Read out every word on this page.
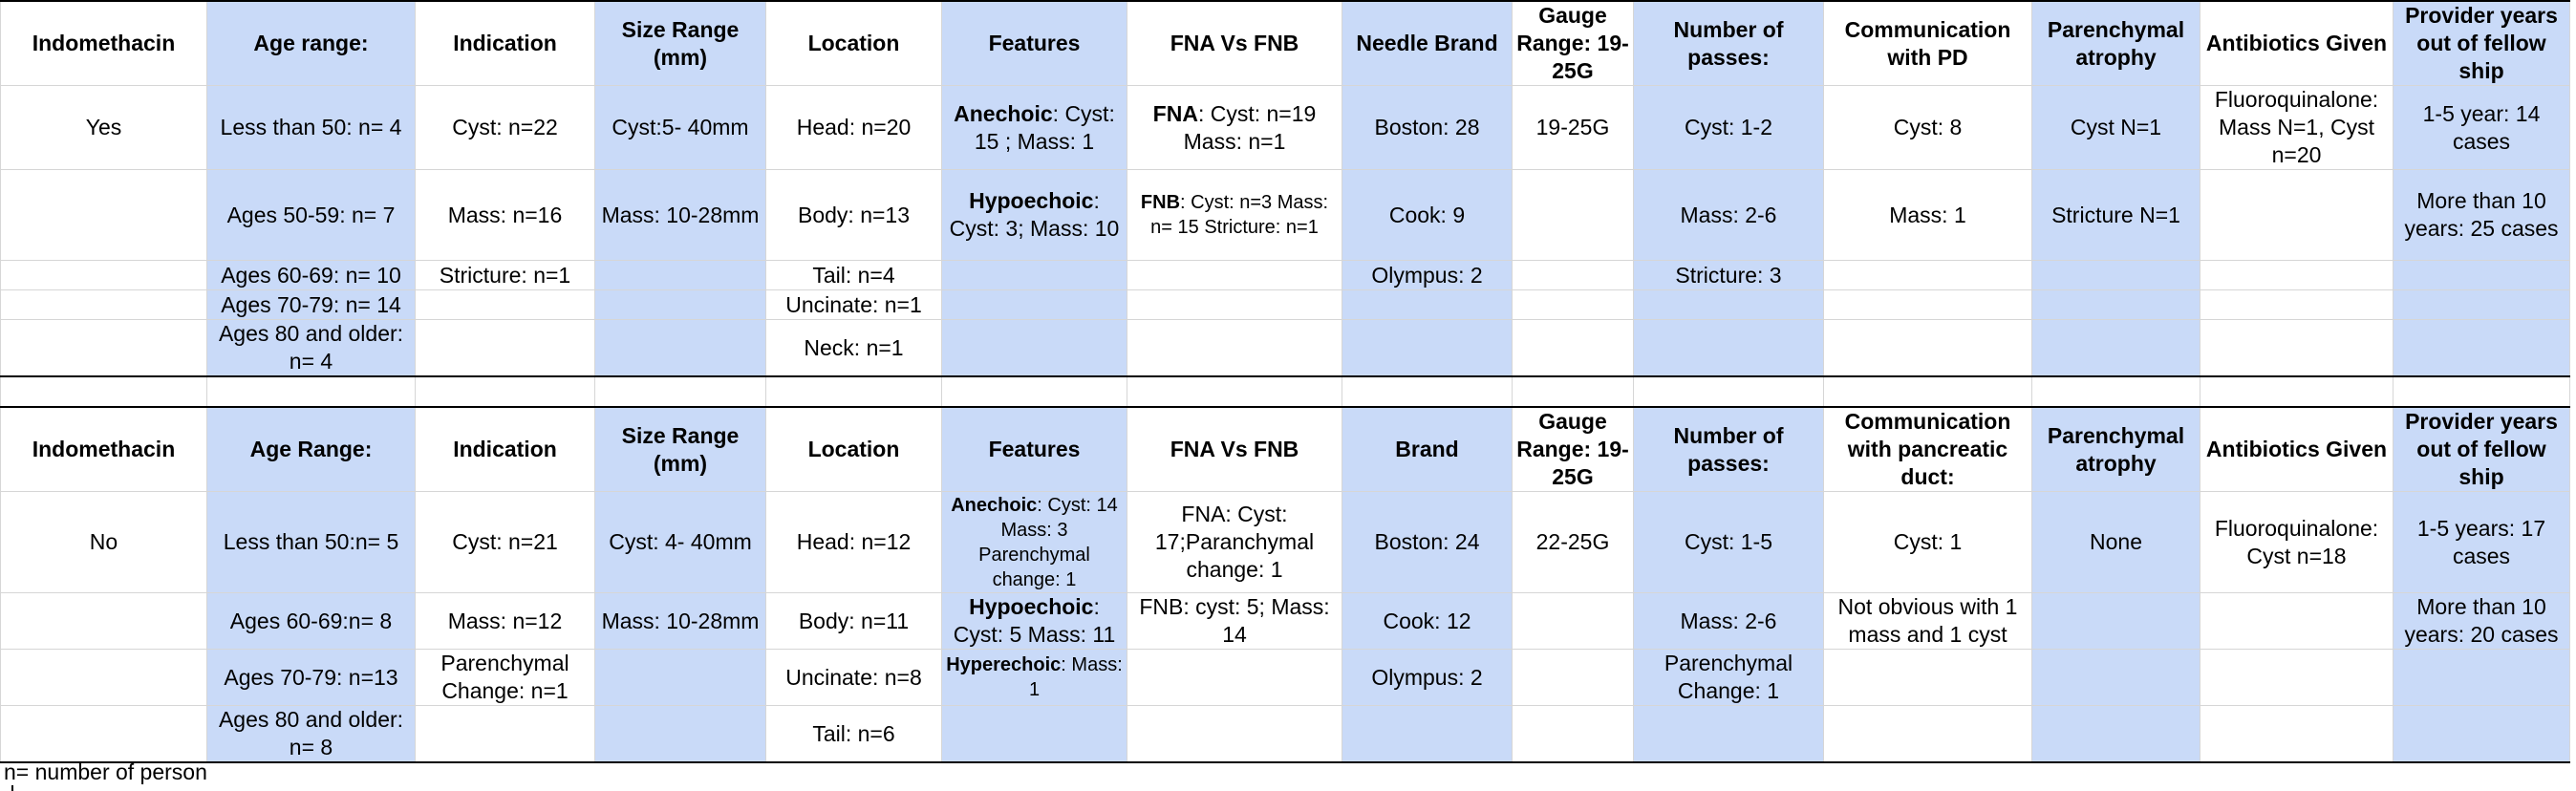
Indomethacin	Age range:	Indication	Size Range (mm)	Location	Features	FNA Vs FNB	Needle Brand	Gauge Range: 19-25G	Number of passes:	Communication with PD	Parenchymal atrophy	Antibiotics Given	Provider years out of fellow ship

Yes	Less than 50: n= 4	Cyst: n=22	Cyst:5- 40mm	Head: n=20	Anechoic: Cyst: 15 ; Mass: 1	FNA: Cyst: n=19 Mass: n=1	Boston: 28	19-25G	Cyst: 1-2	Cyst: 8	Cyst N=1	Fluoroquinalone: Mass N=1, Cyst n=20	1-5 year: 14 cases

	Ages 50-59: n= 7	Mass: n=16	Mass: 10-28mm	Body: n=13	Hypoechoic: Cyst: 3; Mass: 10	FNB: Cyst: n=3 Mass: n= 15 Stricture: n=1	Cook: 9		Mass: 2-6	Mass: 1	Stricture N=1		More than 10 years: 25 cases

	Ages 60-69: n= 10	Stricture: n=1		Tail: n=4			Olympus: 2		Stricture: 3				

	Ages 70-79: n= 14			Uncinate: n=1									

	Ages 80 and older: n= 4			Neck: n=1									

Indomethacin	Age Range:	Indication	Size Range (mm)	Location	Features	FNA Vs FNB	Brand	Gauge Range: 19-25G	Number of passes:	Communication with pancreatic duct:	Parenchymal atrophy	Antibiotics Given	Provider years out of fellow ship

No	Less than 50:n= 5	Cyst: n=21	Cyst: 4- 40mm	Head: n=12	Anechoic: Cyst: 14 Mass: 3 Parenchymal change: 1	FNA: Cyst: 17;Paranchymal change: 1	Boston: 24	22-25G	Cyst: 1-5	Cyst: 1	None	Fluoroquinalone: Cyst n=18	1-5 years: 17 cases

	Ages 60-69:n= 8	Mass: n=12	Mass: 10-28mm	Body: n=11	Hypoechoic: Cyst: 5 Mass: 11	FNB: cyst: 5; Mass: 14	Cook: 12		Mass: 2-6	Not obvious with 1 mass and 1 cyst			More than 10 years: 20 cases

	Ages 70-79: n=13	Parenchymal Change: n=1		Uncinate: n=8	Hyperechoic: Mass: 1		Olympus: 2		Parenchymal Change: 1				

	Ages 80 and older: n= 8			Tail: n=6									

n= number of person
